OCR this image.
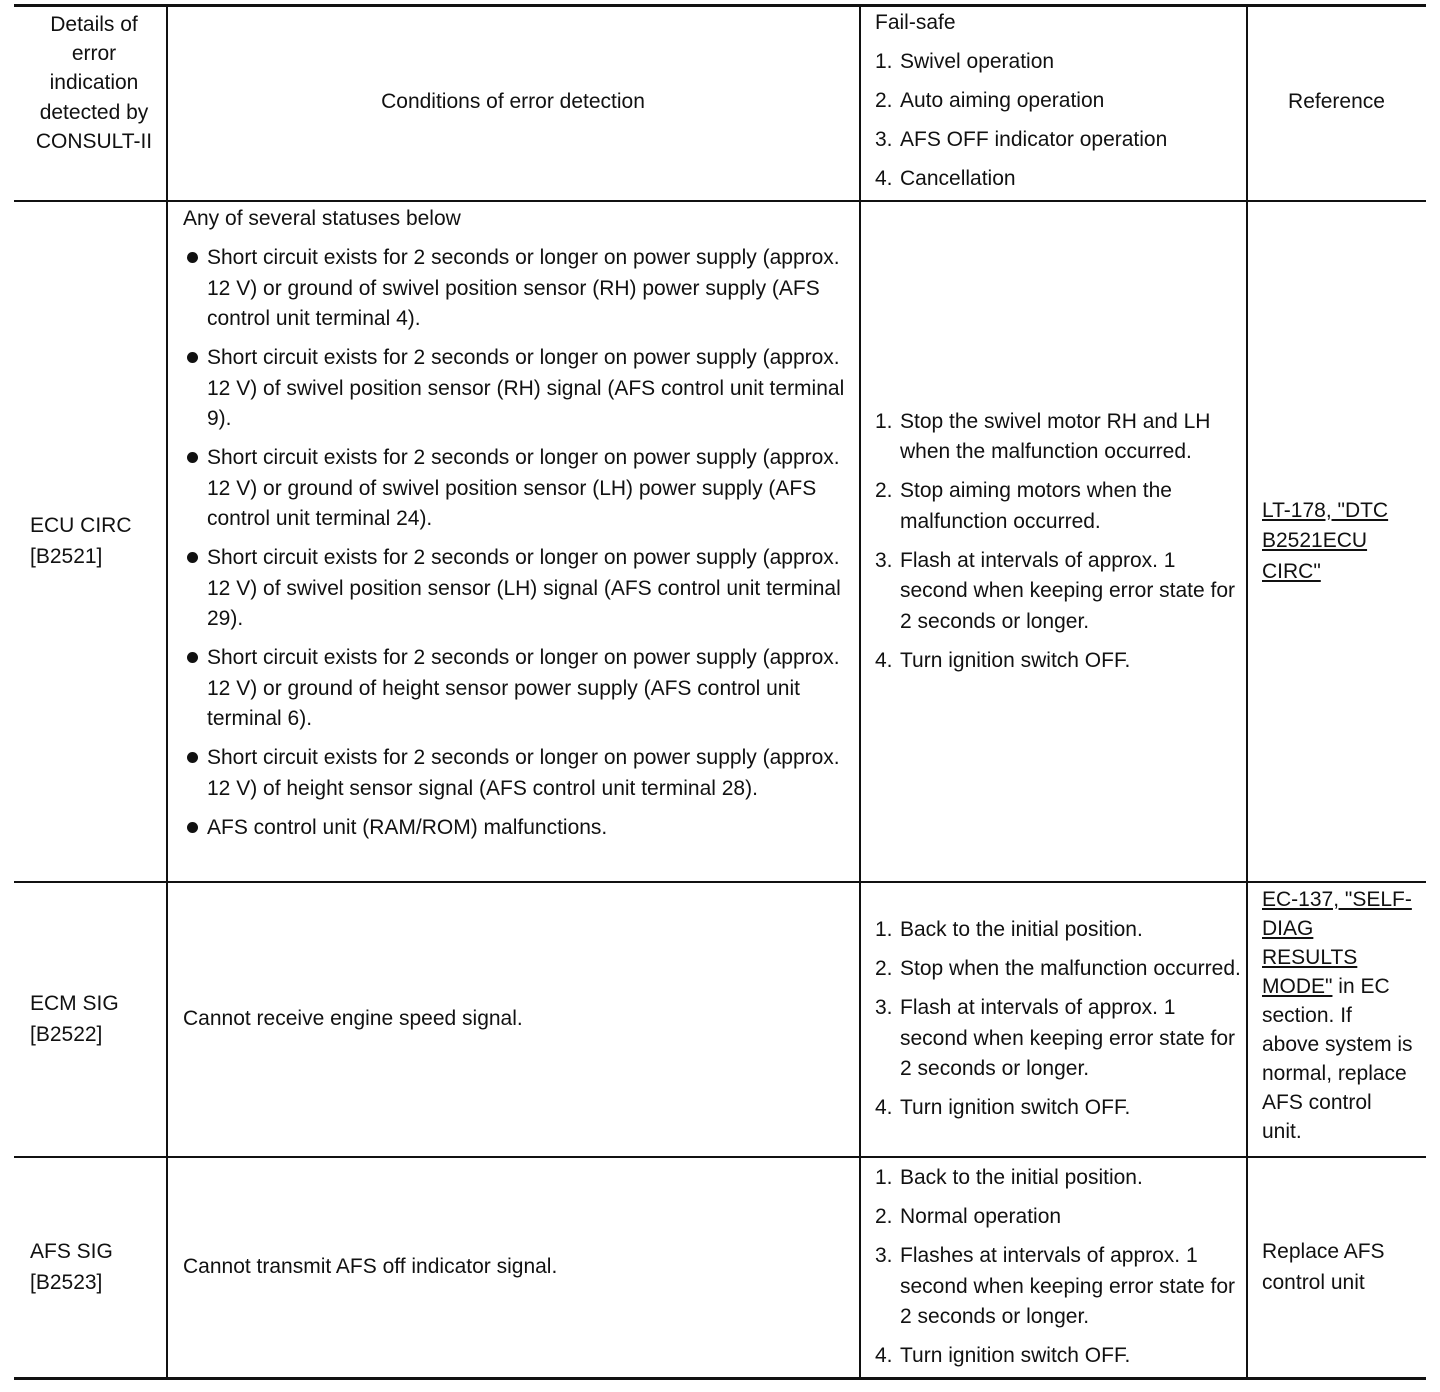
Details of error indication detected by CONSULT-II
Conditions of error detection

Fail-safe

1. Swivel operation
2. Auto aiming operation
3. AFS OFF indicator operation
4. Cancellation
Reference
ECU CIRC
[B2521]

Any of several statuses below

Short circuit exists for 2 seconds or longer on power supply (approx. 12 V) or ground of swivel position sensor (RH) power supply (AFS control unit terminal 4).
Short circuit exists for 2 seconds or longer on power supply (approx. 12 V) of swivel position sensor (RH) signal (AFS control unit terminal 9).
Short circuit exists for 2 seconds or longer on power supply (approx. 12 V) or ground of swivel position sensor (LH) power supply (AFS control unit terminal 24).
Short circuit exists for 2 seconds or longer on power supply (approx. 12 V) of swivel position sensor (LH) signal (AFS control unit terminal 29).
Short circuit exists for 2 seconds or longer on power supply (approx. 12 V) or ground of height sensor power supply (AFS control unit terminal 6).
Short circuit exists for 2 seconds or longer on power supply (approx. 12 V) of height sensor signal (AFS control unit terminal 28).
AFS control unit (RAM/ROM) malfunctions.
1. Stop the swivel motor RH and LH when the malfunction occurred.
2. Stop aiming motors when the malfunction occurred.
3. Flash at intervals of approx. 1 second when keeping error state for 2 seconds or longer.
4. Turn ignition switch OFF.
LT-178, "DTC B2521ECU CIRC"
ECM SIG
[B2522]
Cannot receive engine speed signal.
1. Back to the initial position.
2. Stop when the malfunction occurred.
3. Flash at intervals of approx. 1 second when keeping error state for 2 seconds or longer.
4. Turn ignition switch OFF.
EC-137, "SELF-DIAG RESULTS MODE" in EC section. If above system is normal, replace AFS control unit.
AFS SIG
[B2523]
Cannot transmit AFS off indicator signal.
1. Back to the initial position.
2. Normal operation
3. Flashes at intervals of approx. 1 second when keeping error state for 2 seconds or longer.
4. Turn ignition switch OFF.
Replace AFS control unit
